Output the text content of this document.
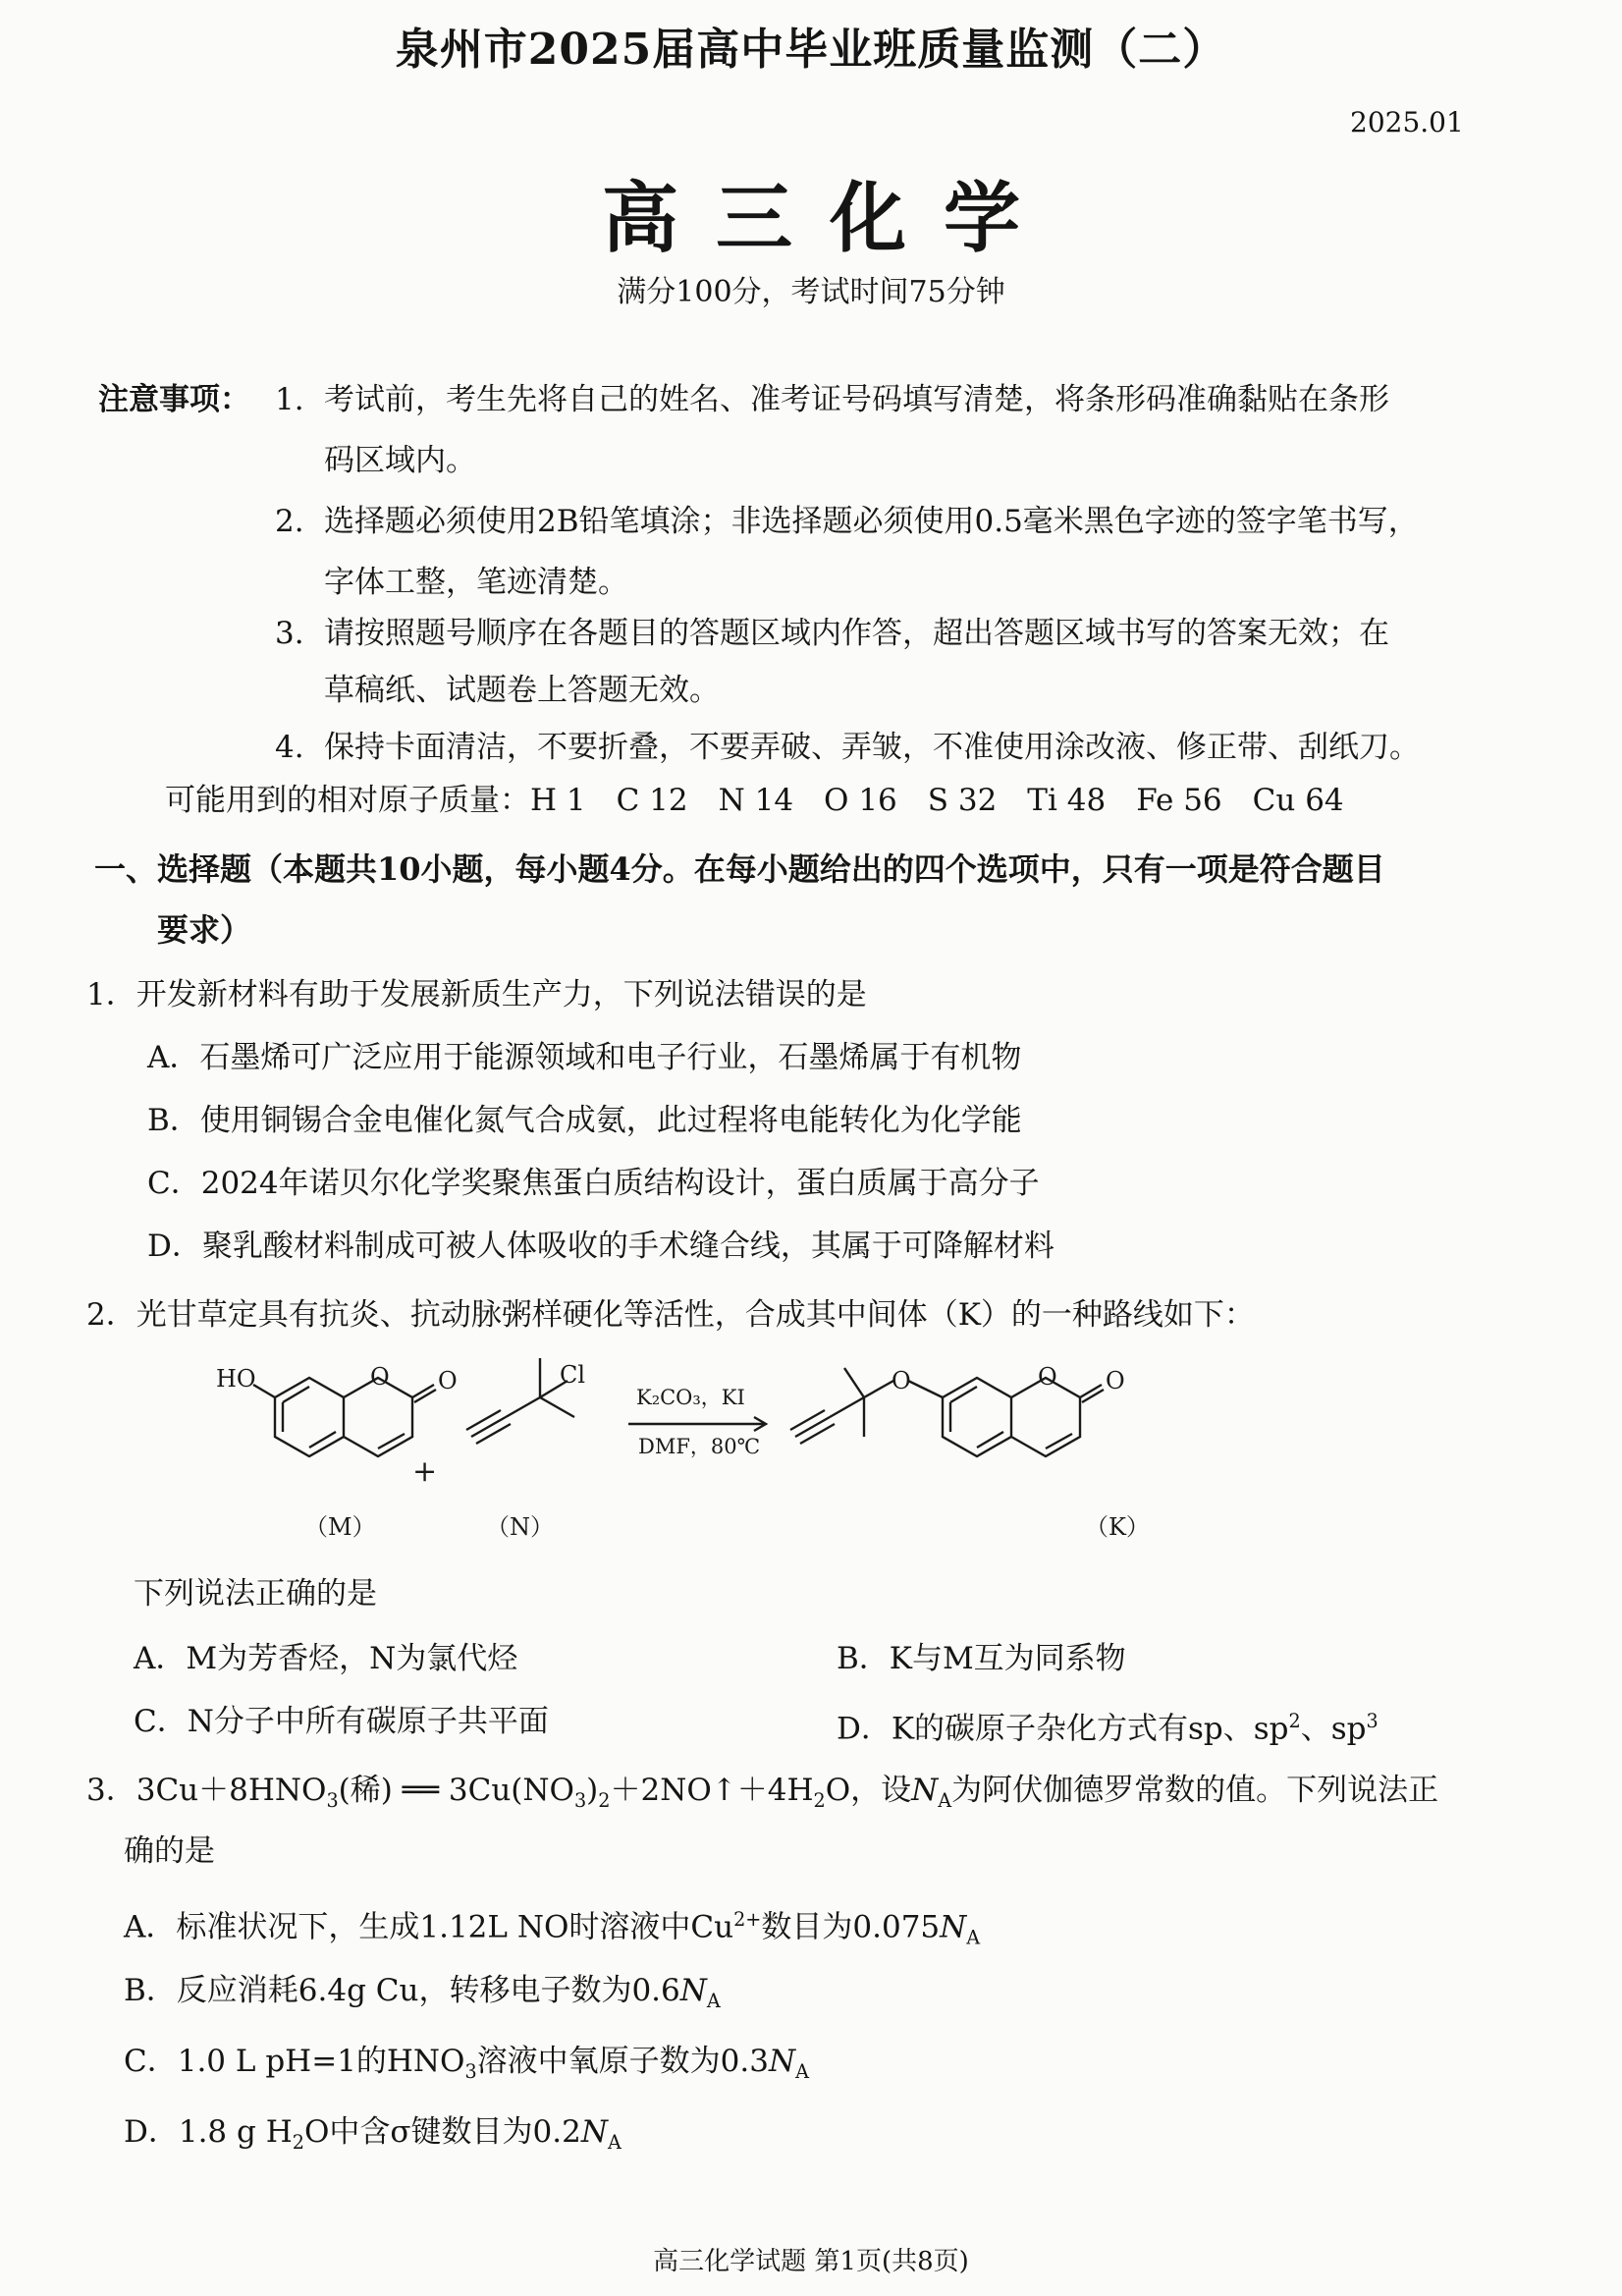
泉州市2025届高中毕业班质量监测（二）
2025.01
高三化学
满分100分，考试时间75分钟
注意事项： 1. 考试前，考生先将自己的姓名、准考证号码填写清楚，将条形码准确黏贴在条形
码区域内。
2. 选择题必须使用2B铅笔填涂；非选择题必须使用0.5毫米黑色字迹的签字笔书写，
字体工整，笔迹清楚。
3. 请按照题号顺序在各题目的答题区域内作答，超出答题区域书写的答案无效；在
草稿纸、试题卷上答题无效。
4. 保持卡面清洁，不要折叠，不要弄破、弄皱，不准使用涂改液、修正带、刮纸刀。
可能用到的相对原子质量：H 1　C 12　N 14　O 16　S 32　Ti 48　Fe 56　Cu 64
一、选择题（本题共10小题，每小题4分。在每小题给出的四个选项中，只有一项是符合题目
要求）
1．开发新材料有助于发展新质生产力，下列说法错误的是
A．石墨烯可广泛应用于能源领域和电子行业，石墨烯属于有机物
B．使用铜锡合金电催化氮气合成氨，此过程将电能转化为化学能
C．2024年诺贝尔化学奖聚焦蛋白质结构设计，蛋白质属于高分子
D．聚乳酸材料制成可被人体吸收的手术缝合线，其属于可降解材料
2．光甘草定具有抗炎、抗动脉粥样硬化等活性，合成其中间体（K）的一种路线如下：
HO	O O
（M）
Cl
+
（N）
K₂CO₃，KI
DMF，80℃
O	O O
（K）
下列说法正确的是
A．M为芳香烃，N为氯代烃	B．K与M互为同系物
C．N分子中所有碳原子共平面	D．K的碳原子杂化方式有sp、$sp^2$、$sp^3$
3．$3Cu+8HNO_3$(稀) ══ $3Cu(NO_3)_2+2NO↑+4H_2O$，设$N_A$为阿伏伽德罗常数的值。下列说法正
确的是
A．标准状况下，生成1.12L NO时溶液中$Cu^{2+}$数目为$0.075N_A$
B．反应消耗6.4g Cu，转移电子数为$0.6N_A$
C．1.0 L pH=1的$HNO_3$溶液中氧原子数为$0.3N_A$
D．1.8 g $H_2O$中含σ键数目为$0.2N_A$
高三化学试题 第1页(共8页)
